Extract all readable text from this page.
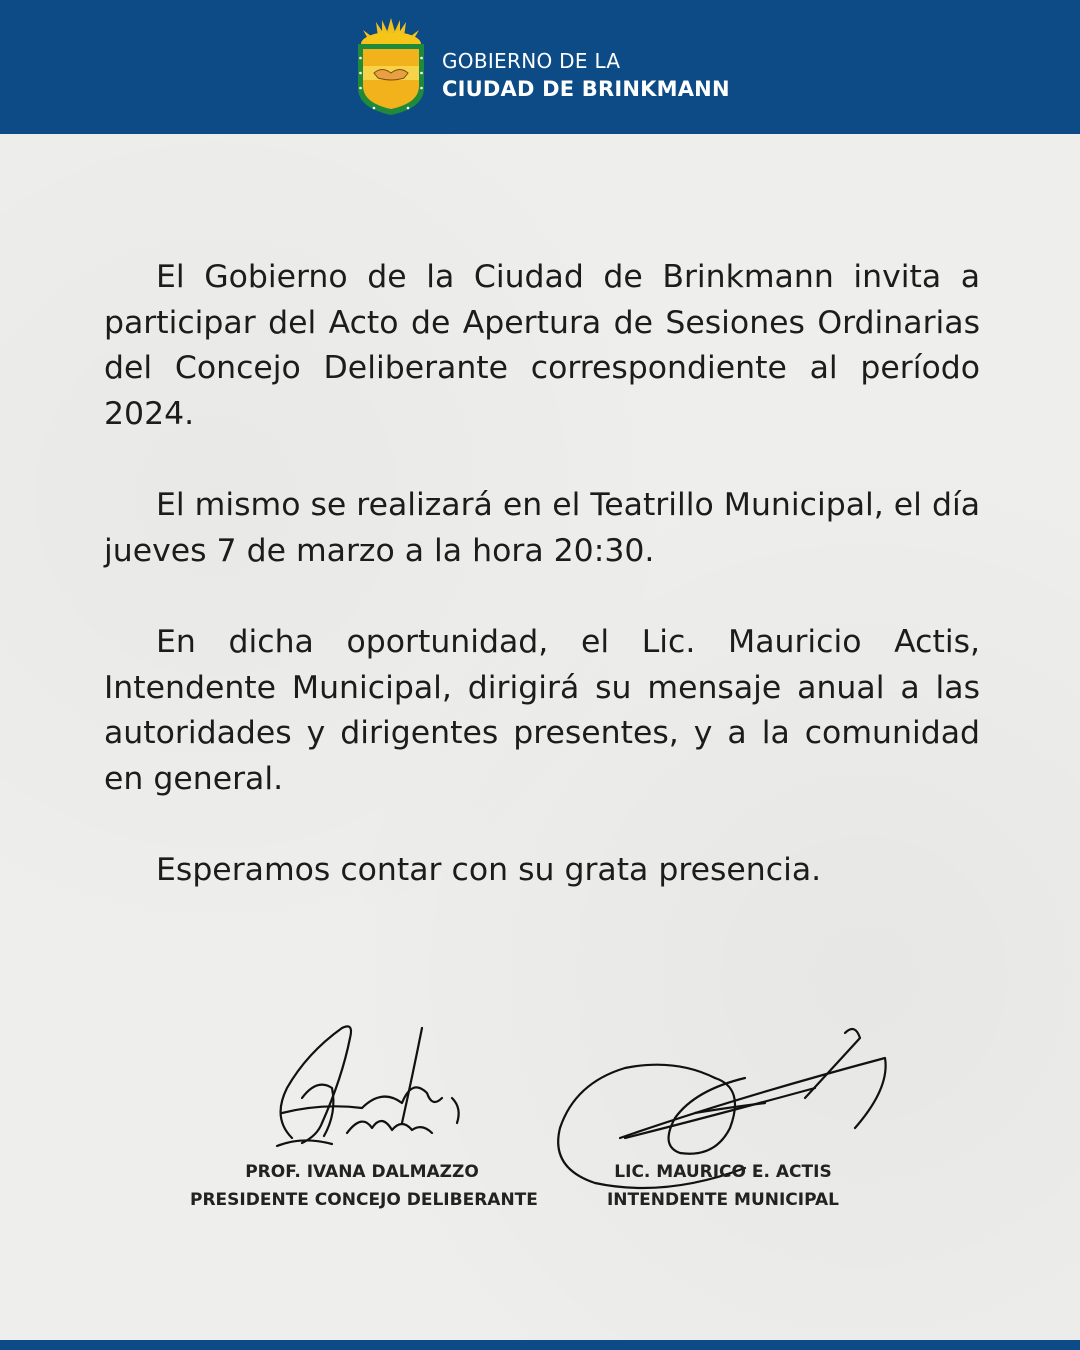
GOBIERNO DE LA
CIUDAD DE BRINKMANN

El Gobierno de la Ciudad de Brinkmann invita a participar del Acto de Apertura de Sesiones Ordinarias del Concejo Deliberante correspondiente al período 2024.

El mismo se realizará en el Teatrillo Municipal, el día jueves 7 de marzo a la hora 20:30.

En dicha oportunidad, el Lic. Mauricio Actis, Intendente Municipal, dirigirá su mensaje anual a las autoridades y dirigentes presentes, y a la comunidad en general.

Esperamos contar con su grata presencia.

PROF. IVANA DALMAZZO
PRESIDENTE CONCEJO DELIBERANTE
LIC. MAURICO E. ACTIS
INTENDENTE MUNICIPAL
